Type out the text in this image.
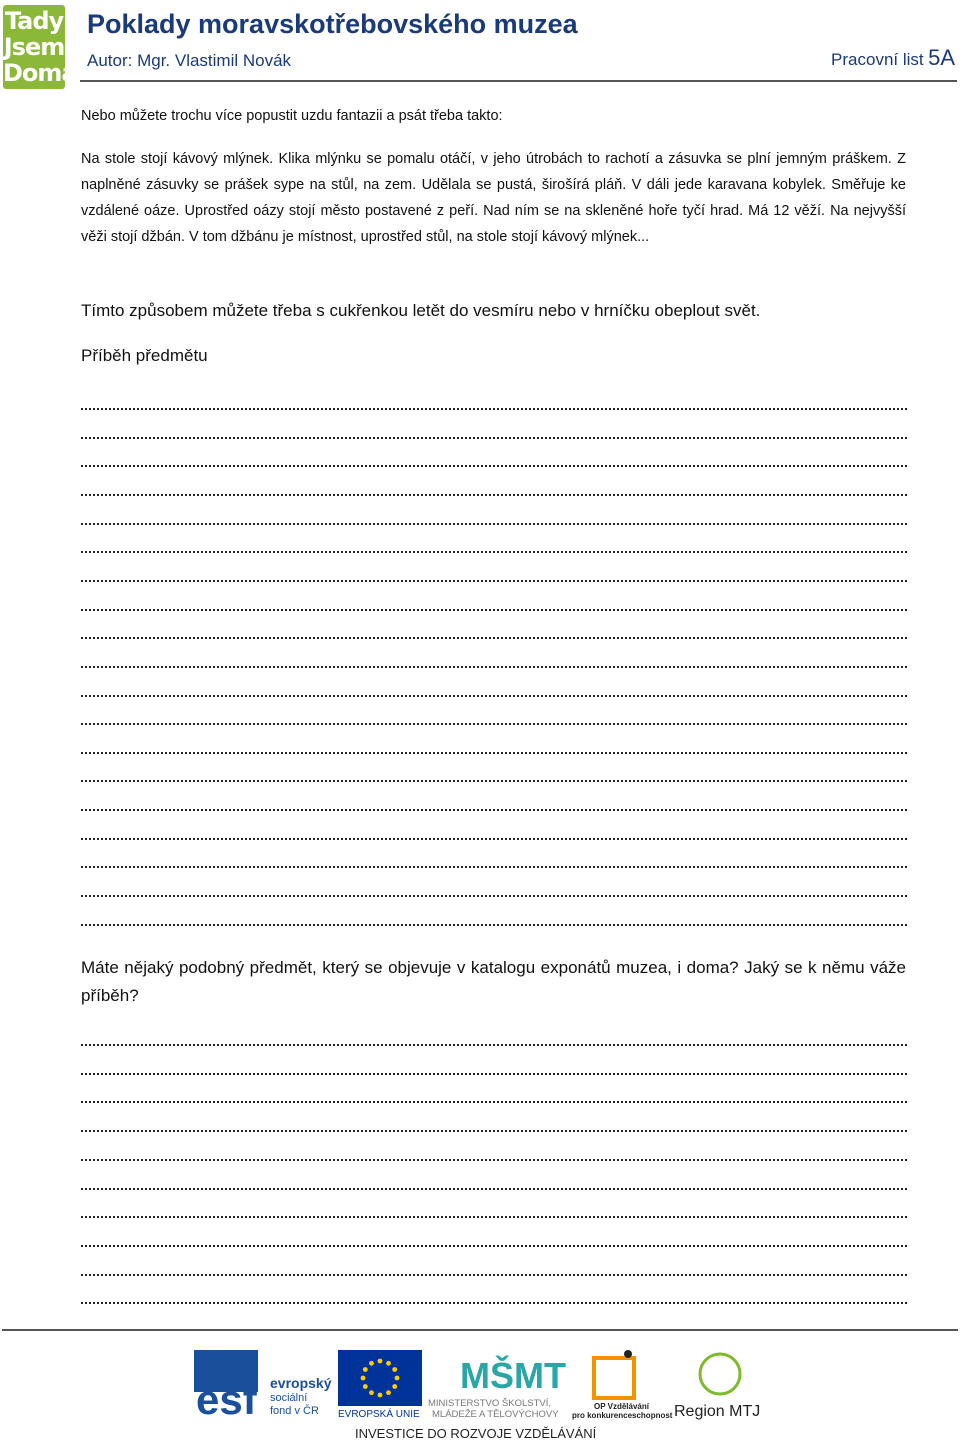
Tady
Jsem
Doma
Poklady moravskotřebovského muzea
Autor: Mgr. Vlastimil Novák	Pracovní list 5A
Nebo můžete trochu více popustit uzdu fantazii a psát třeba takto:
Na stole stojí kávový mlýnek. Klika mlýnku se pomalu otáčí, v jeho útrobách to rachotí a zásuvka se plní jemným práškem. Z naplněné zásuvky se prášek sype na stůl, na zem. Udělala se pustá, širošírá pláň. V dáli jede karavana kobylek. Směřuje ke vzdálené oáze. Uprostřed oázy stojí město postavené z peří. Nad ním se na skleněné hoře tyčí hrad. Má 12 věží. Na nejvyšší věži stojí džbán. V tom džbánu je místnost, uprostřed stůl, na stole stojí kávový mlýnek...
Tímto způsobem můžete třeba s cukřenkou letět do vesmíru nebo v hrníčku obeplout svět.
Příběh předmětu
Máte nějaký podobný předmět, který se objevuje v katalogu exponátů muzea, i doma? Jaký se k němu váže příběh?
esf evropský
sociální
fond v ČR EVROPSKÁ UNIE
MŠMT
MINISTERSTVO ŠKOLSTVÍ,
MLÁDEŽE A TĚLOVÝCHOVY
OP Vzdělávání
pro konkurenceschopnost Region MTJ
INVESTICE DO ROZVOJE VZDĚLÁVÁNÍ
